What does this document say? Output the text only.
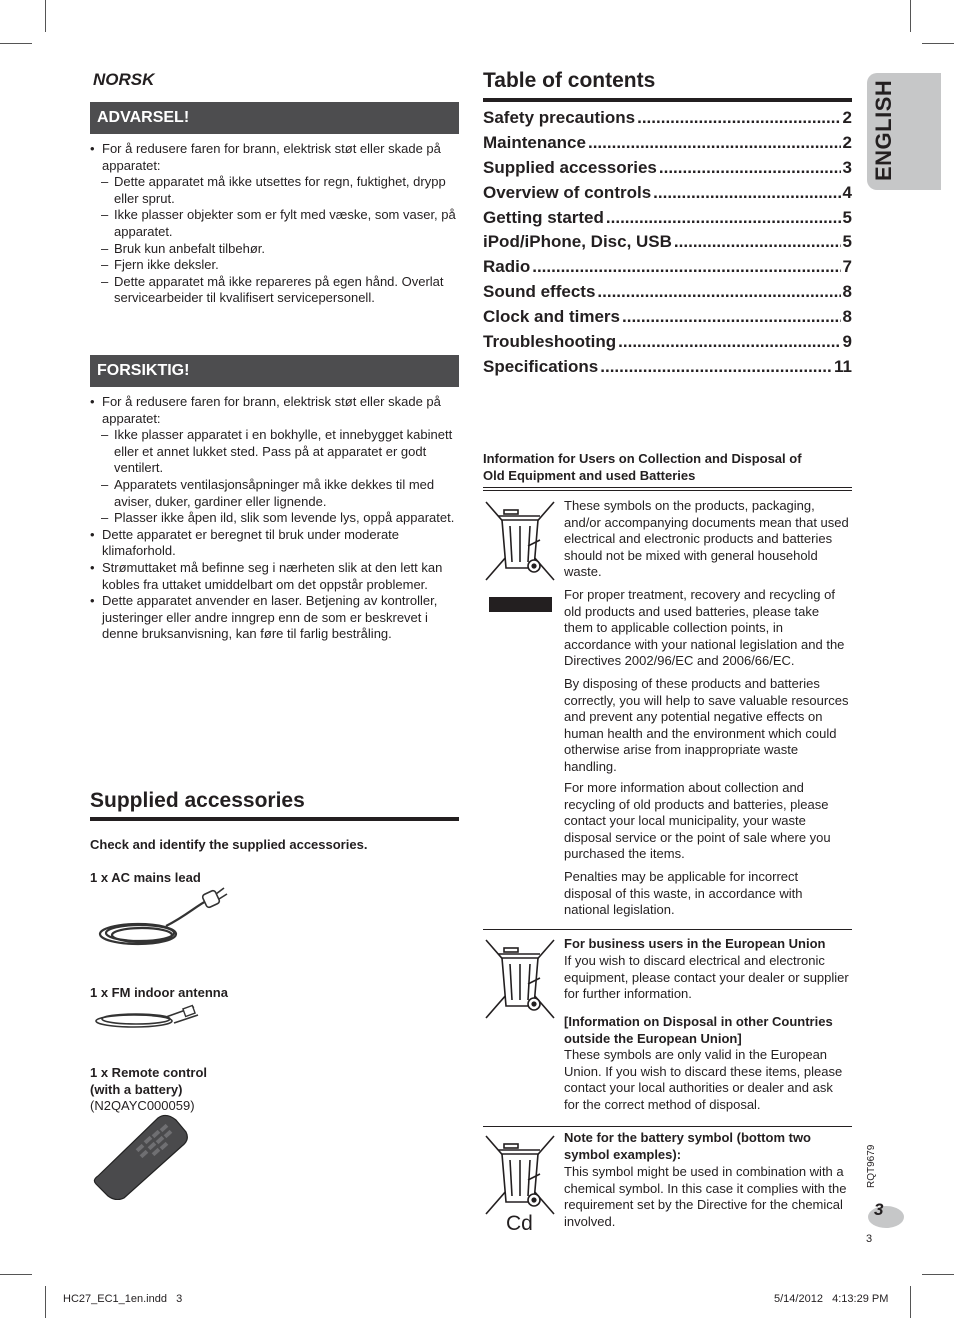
NORSK
ADVARSEL!
• For å redusere faren for brann, elektrisk støt eller skade på apparatet:
– Dette apparatet må ikke utsettes for regn, fuktighet, drypp eller sprut.
– Ikke plasser objekter som er fylt med væske, som vaser, på apparatet.
– Bruk kun anbefalt tilbehør.
– Fjern ikke deksler.
– Dette apparatet må ikke repareres på egen hånd. Overlat servicearbeider til kvalifisert servicepersonell.
FORSIKTIG!
• For å redusere faren for brann, elektrisk støt eller skade på apparatet:
– Ikke plasser apparatet i en bokhylle, et innebygget kabinett eller et annet lukket sted. Pass på at apparatet er godt ventilert.
– Apparatets ventilasjonsåpninger må ikke dekkes til med aviser, duker, gardiner eller lignende.
– Plasser ikke åpen ild, slik som levende lys, oppå apparatet.
• Dette apparatet er beregnet til bruk under moderate klimaforhold.
• Strømuttaket må befinne seg i nærheten slik at den lett kan kobles fra uttaket umiddelbart om det oppstår problemer.
• Dette apparatet anvender en laser. Betjening av kontroller, justeringer eller andre inngrep enn de som er beskrevet i denne bruksanvisning, kan føre til farlig bestråling.
Supplied accessories
Check and identify the supplied accessories.
1 x AC mains lead
1 x FM indoor antenna
1 x Remote control
(with a battery)
(N2QAYC000059)
Table of contents
Safety precautions .....	2
Maintenance .....	2
Supplied accessories .....	3
Overview of controls .....	4
Getting started .....	5
iPod/iPhone, Disc, USB .....	5
Radio .....	7
Sound effects .....	8
Clock and timers .....	8
Troubleshooting .....	9
Specifications .....	11
ENGLISH
Information for Users on Collection and Disposal of
Old Equipment and used Batteries

These symbols on the products, packaging, and/or accompanying documents mean that used electrical and electronic products and batteries should not be mixed with general household waste.

For proper treatment, recovery and recycling of old products and used batteries, please take them to applicable collection points, in accordance with your national legislation and the Directives 2002/96/EC and 2006/66/EC.

By disposing of these products and batteries correctly, you will help to save valuable resources and prevent any potential negative effects on human health and the environment which could otherwise arise from inappropriate waste handling.

For more information about collection and recycling of old products and batteries, please contact your local municipality, your waste disposal service or the point of sale where you purchased the items.

Penalties may be applicable for incorrect disposal of this waste, in accordance with national legislation.

For business users in the European Union

If you wish to discard electrical and electronic equipment, please contact your dealer or supplier for further information.

[Information on Disposal in other Countries outside the European Union]

These symbols are only valid in the European Union. If you wish to discard these items, please contact your local authorities or dealer and ask for the correct method of disposal.

Cd

Note for the battery symbol (bottom two symbol examples):

This symbol might be used in combination with a chemical symbol. In this case it complies with the requirement set by the Directive for the chemical involved.

RQT9679
3
3
HC27_EC1_1en.indd   3	5/14/2012   4:13:29 PM
